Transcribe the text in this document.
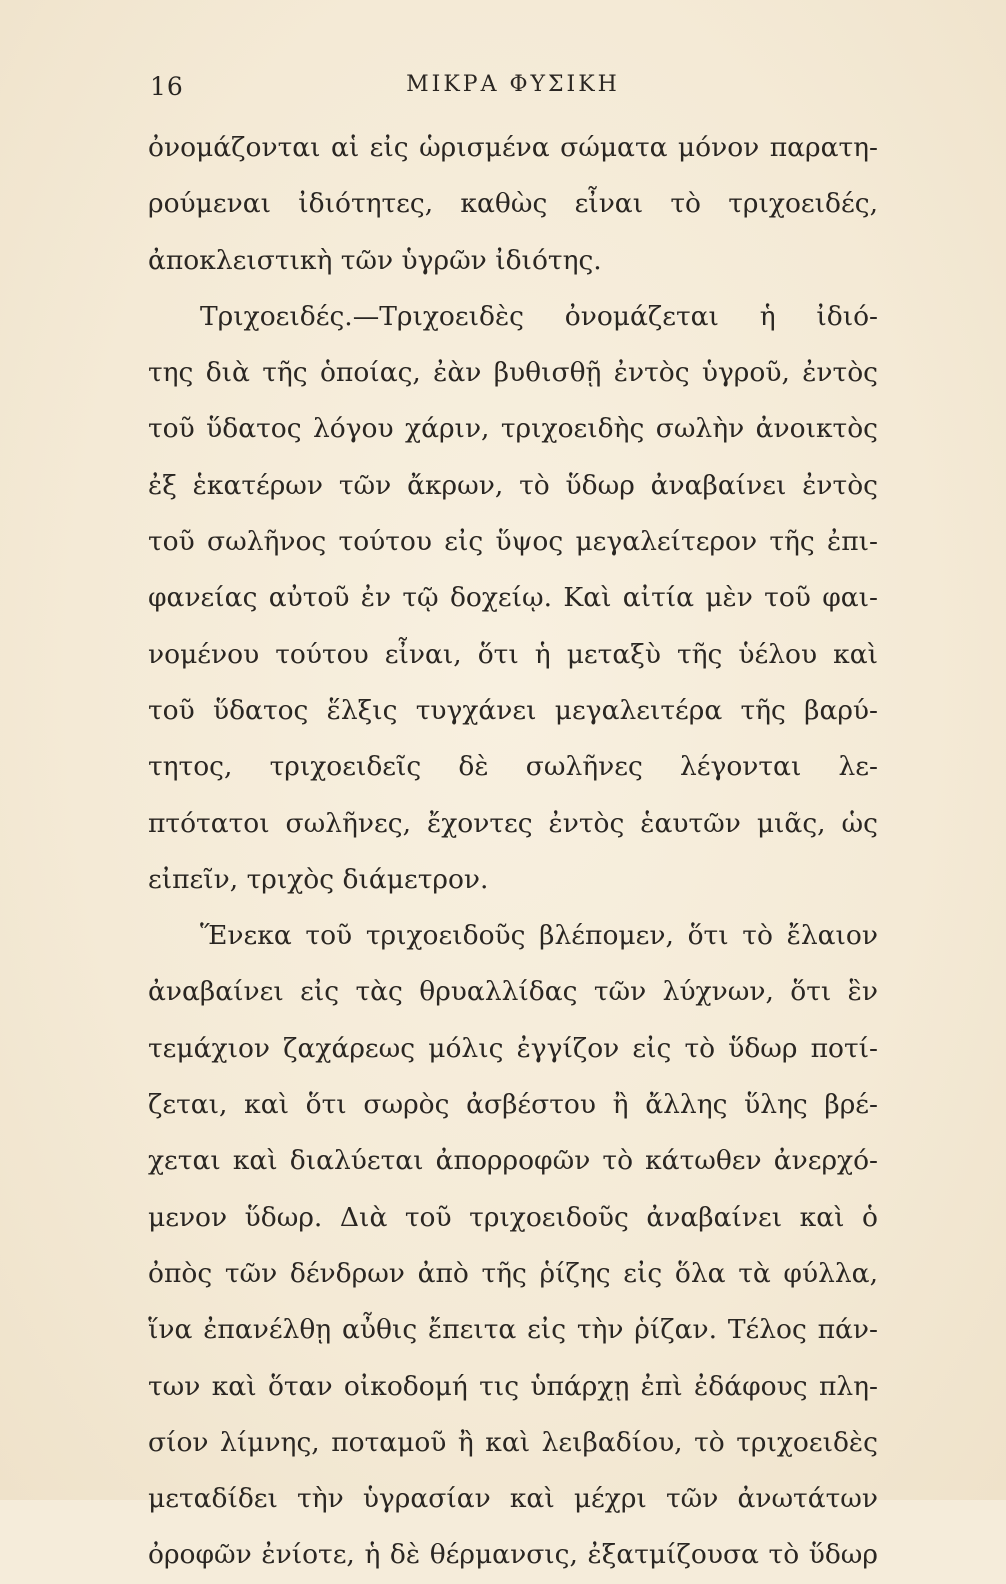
16	ΜΙΚΡΑ ΦΥΣΙΚΗ
ὀνομάζονται αἱ εἰς ὡρισμένα σώματα μόνον παρατη-
ρούμεναι ἰδιότητες, καθὼς εἶναι τὸ τριχοειδές,
ἀποκλειστικὴ τῶν ὑγρῶν ἰδιότης.
Τριχοειδές.—Τριχοειδὲς ὀνομάζεται ἡ ἰδιό-
της διὰ τῆς ὁποίας, ἐὰν βυθισθῇ ἐντὸς ὑγροῦ, ἐντὸς
τοῦ ὕδατος λόγου χάριν, τριχοειδὴς σωλὴν ἀνοικτὸς
ἐξ ἑκατέρων τῶν ἄκρων, τὸ ὕδωρ ἀναβαίνει ἐντὸς
τοῦ σωλῆνος τούτου εἰς ὕψος μεγαλείτερον τῆς ἐπι-
φανείας αὐτοῦ ἐν τῷ δοχείῳ. Καὶ αἰτία μὲν τοῦ φαι-
νομένου τούτου εἶναι, ὅτι ἡ μεταξὺ τῆς ὑέλου καὶ
τοῦ ὕδατος ἕλξις τυγχάνει μεγαλειτέρα τῆς βαρύ-
τητος, τριχοειδεῖς δὲ σωλῆνες λέγονται λε-
πτότατοι σωλῆνες, ἔχοντες ἐντὸς ἑαυτῶν μιᾶς, ὡς
εἰπεῖν, τριχὸς διάμετρον.
Ἕνεκα τοῦ τριχοειδοῦς βλέπομεν, ὅτι τὸ ἔλαιον
ἀναβαίνει εἰς τὰς θρυαλλίδας τῶν λύχνων, ὅτι ἓν
τεμάχιον ζαχάρεως μόλις ἐγγίζον εἰς τὸ ὕδωρ ποτί-
ζεται, καὶ ὅτι σωρὸς ἀσβέστου ἢ ἄλλης ὕλης βρέ-
χεται καὶ διαλύεται ἀπορροφῶν τὸ κάτωθεν ἀνερχό-
μενον ὕδωρ. Διὰ τοῦ τριχοειδοῦς ἀναβαίνει καὶ ὁ
ὀπὸς τῶν δένδρων ἀπὸ τῆς ῥίζης εἰς ὅλα τὰ φύλλα,
ἵνα ἐπανέλθῃ αὖθις ἔπειτα εἰς τὴν ῥίζαν. Τέλος πάν-
των καὶ ὅταν οἰκοδομή τις ὑπάρχῃ ἐπὶ ἐδάφους πλη-
σίον λίμνης, ποταμοῦ ἢ καὶ λειβαδίου, τὸ τριχοειδὲς
μεταδίδει τὴν ὑγρασίαν καὶ μέχρι τῶν ἀνωτάτων
ὀροφῶν ἐνίοτε, ἡ δὲ θέρμανσις, ἐξατμίζουσα τὸ ὕδωρ
